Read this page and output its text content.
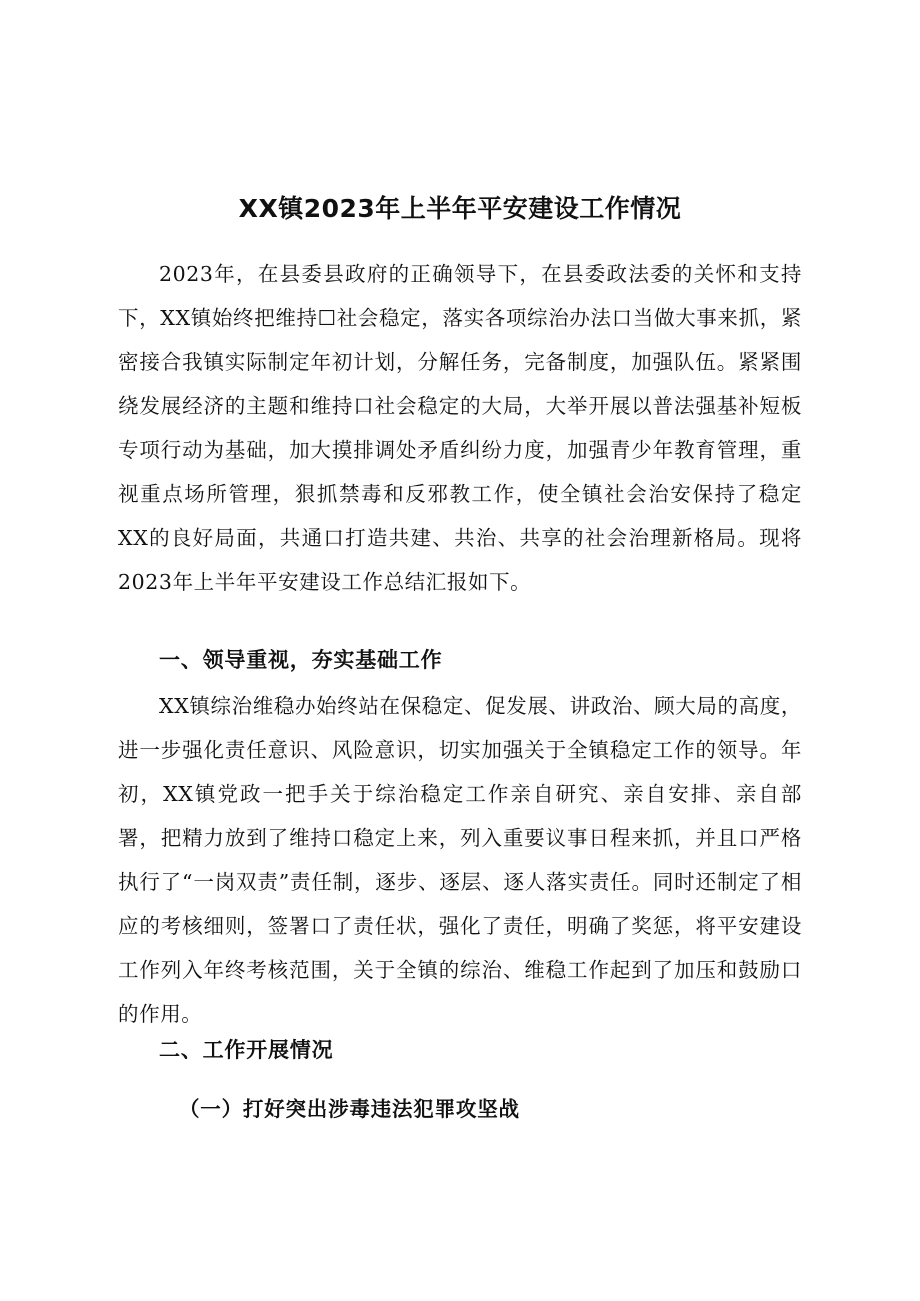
XX镇2023年上半年平安建设工作情况

2023年，在县委县政府的正确领导下，在县委政法委的关怀和支持下，XX镇始终把维持☐社会稳定，落实各项综治办法口当做大事来抓，紧密接合我镇实际制定年初计划，分解任务，完备制度，加强队伍。紧紧围绕发展经济的主题和维持口社会稳定的大局，大举开展以普法强基补短板专项行动为基础，加大摸排调处矛盾纠纷力度，加强青少年教育管理，重视重点场所管理，狠抓禁毒和反邪教工作，使全镇社会治安保持了稳定XX的良好局面，共通口打造共建、共治、共享的社会治理新格局。现将2023年上半年平安建设工作总结汇报如下。

一、领导重视，夯实基础工作

XX镇综治维稳办始终站在保稳定、促发展、讲政治、顾大局的高度，进一步强化责任意识、风险意识，切实加强关于全镇稳定工作的领导。年初，XX镇党政一把手关于综治稳定工作亲自研究、亲自安排、亲自部署，把精力放到了维持口稳定上来，列入重要议事日程来抓，并且口严格执行了“一岗双责”责任制，逐步、逐层、逐人落实责任。同时还制定了相应的考核细则，签署口了责任状，强化了责任，明确了奖惩，将平安建设工作列入年终考核范围，关于全镇的综治、维稳工作起到了加压和鼓励口的作用。

二、工作开展情况
（一）打好突出涉毒违法犯罪攻坚战
